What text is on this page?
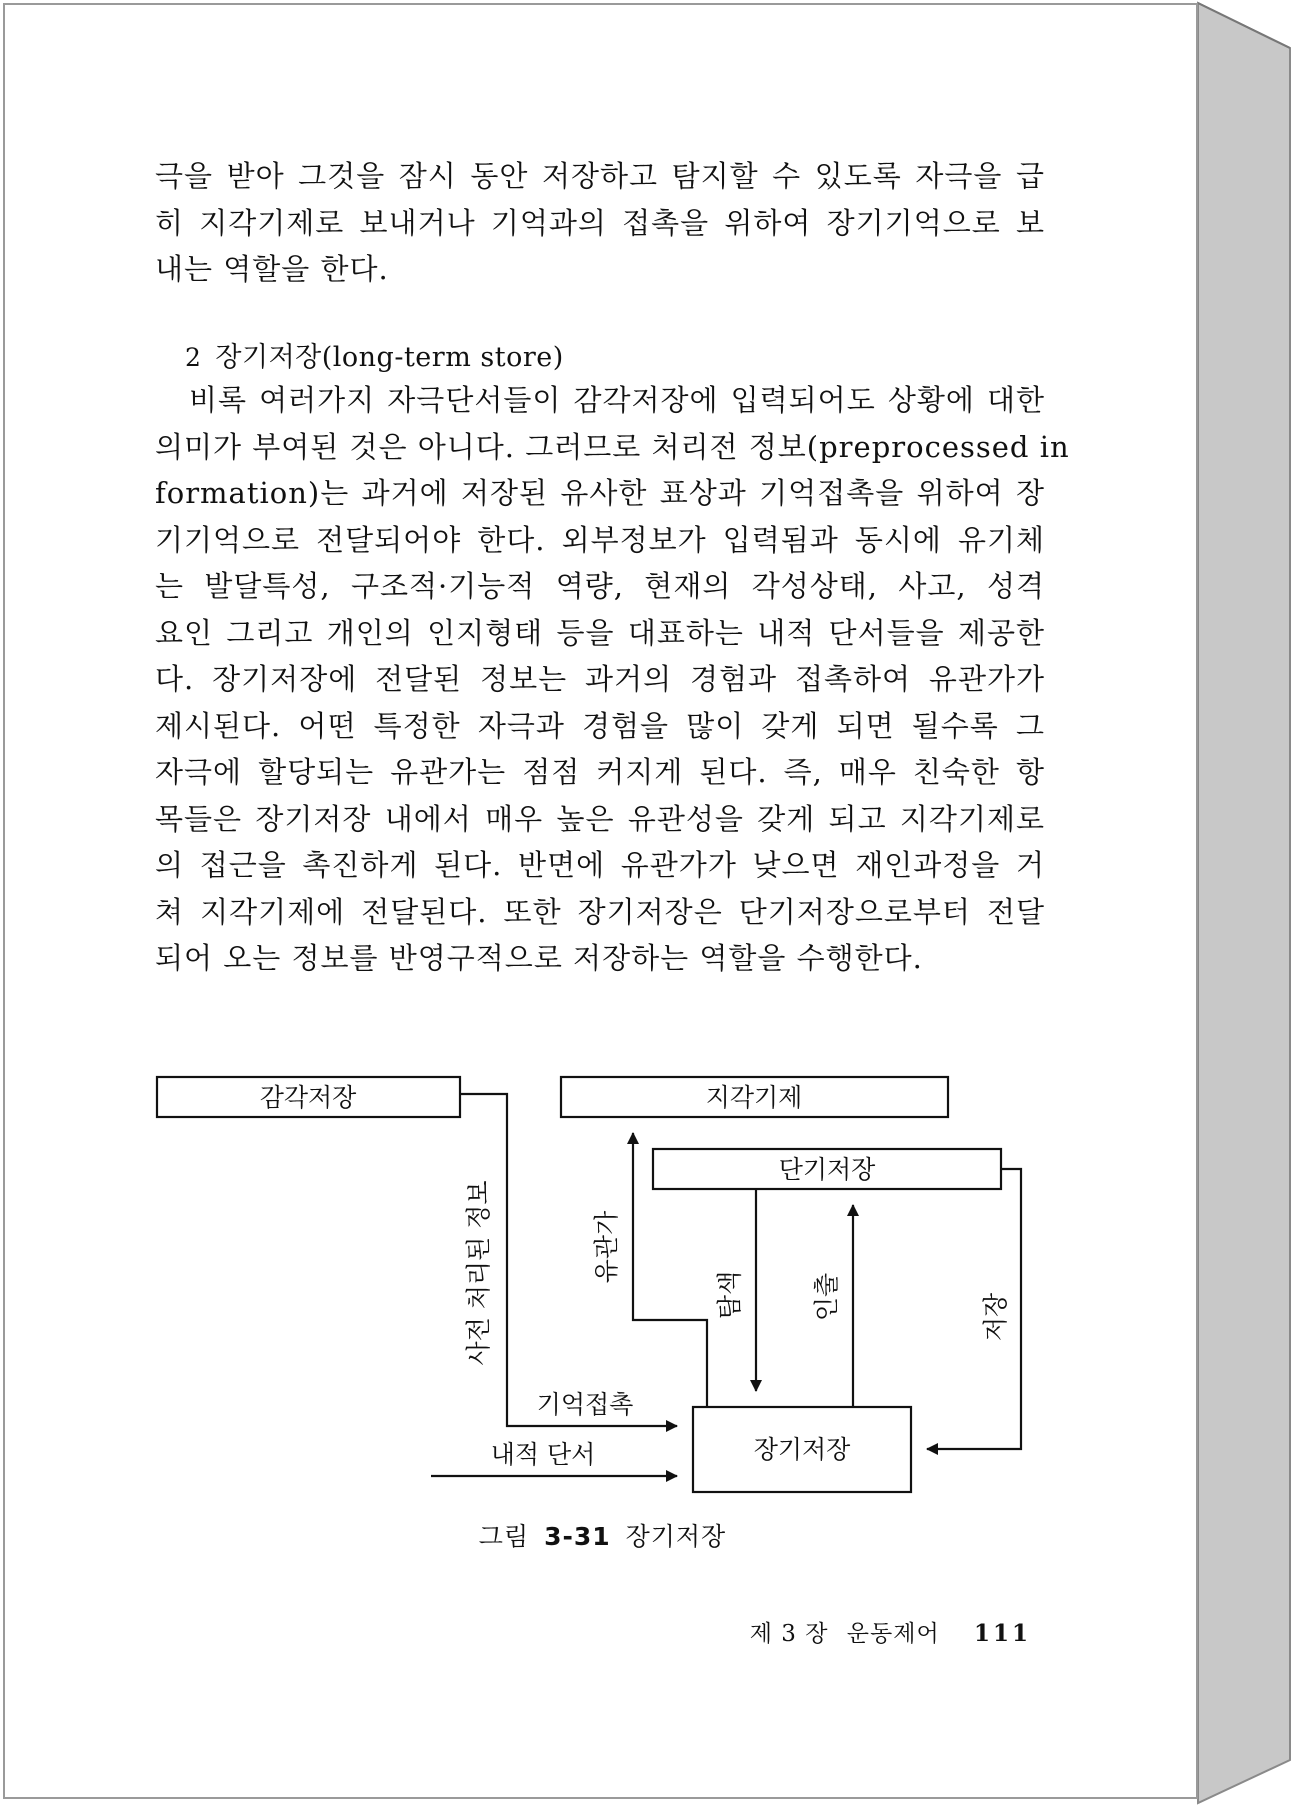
극을 받아 그것을 잠시 동안 저장하고 탐지할 수 있도록 자극을 급
히 지각기제로 보내거나 기억과의 접촉을 위하여 장기기억으로 보
내는 역할을 한다.
2 장기저장(long-term store)
비록 여러가지 자극단서들이 감각저장에 입력되어도 상황에 대한
의미가 부여된 것은 아니다. 그러므로 처리전 정보(preprocessed in
formation)는 과거에 저장된 유사한 표상과 기억접촉을 위하여 장
기기억으로 전달되어야 한다. 외부정보가 입력됨과 동시에 유기체
는 발달특성, 구조적·기능적 역량, 현재의 각성상태, 사고, 성격
요인 그리고 개인의 인지형태 등을 대표하는 내적 단서들을 제공한
다. 장기저장에 전달된 정보는 과거의 경험과 접촉하여 유관가가
제시된다. 어떤 특정한 자극과 경험을 많이 갖게 되면 될수록 그
자극에 할당되는 유관가는 점점 커지게 된다. 즉, 매우 친숙한 항
목들은 장기저장 내에서 매우 높은 유관성을 갖게 되고 지각기제로
의 접근을 촉진하게 된다. 반면에 유관가가 낮으면 재인과정을 거
쳐 지각기제에 전달된다. 또한 장기저장은 단기저장으로부터 전달
되어 오는 정보를 반영구적으로 저장하는 역할을 수행한다.
감각저장	지각기제
단기저장
장기저장
사전 처리된 정보	유관가
탐색	인출	저장
기억접촉
내적 단서
그림 3-31 장기저장
제 3 장 운동제어 111
